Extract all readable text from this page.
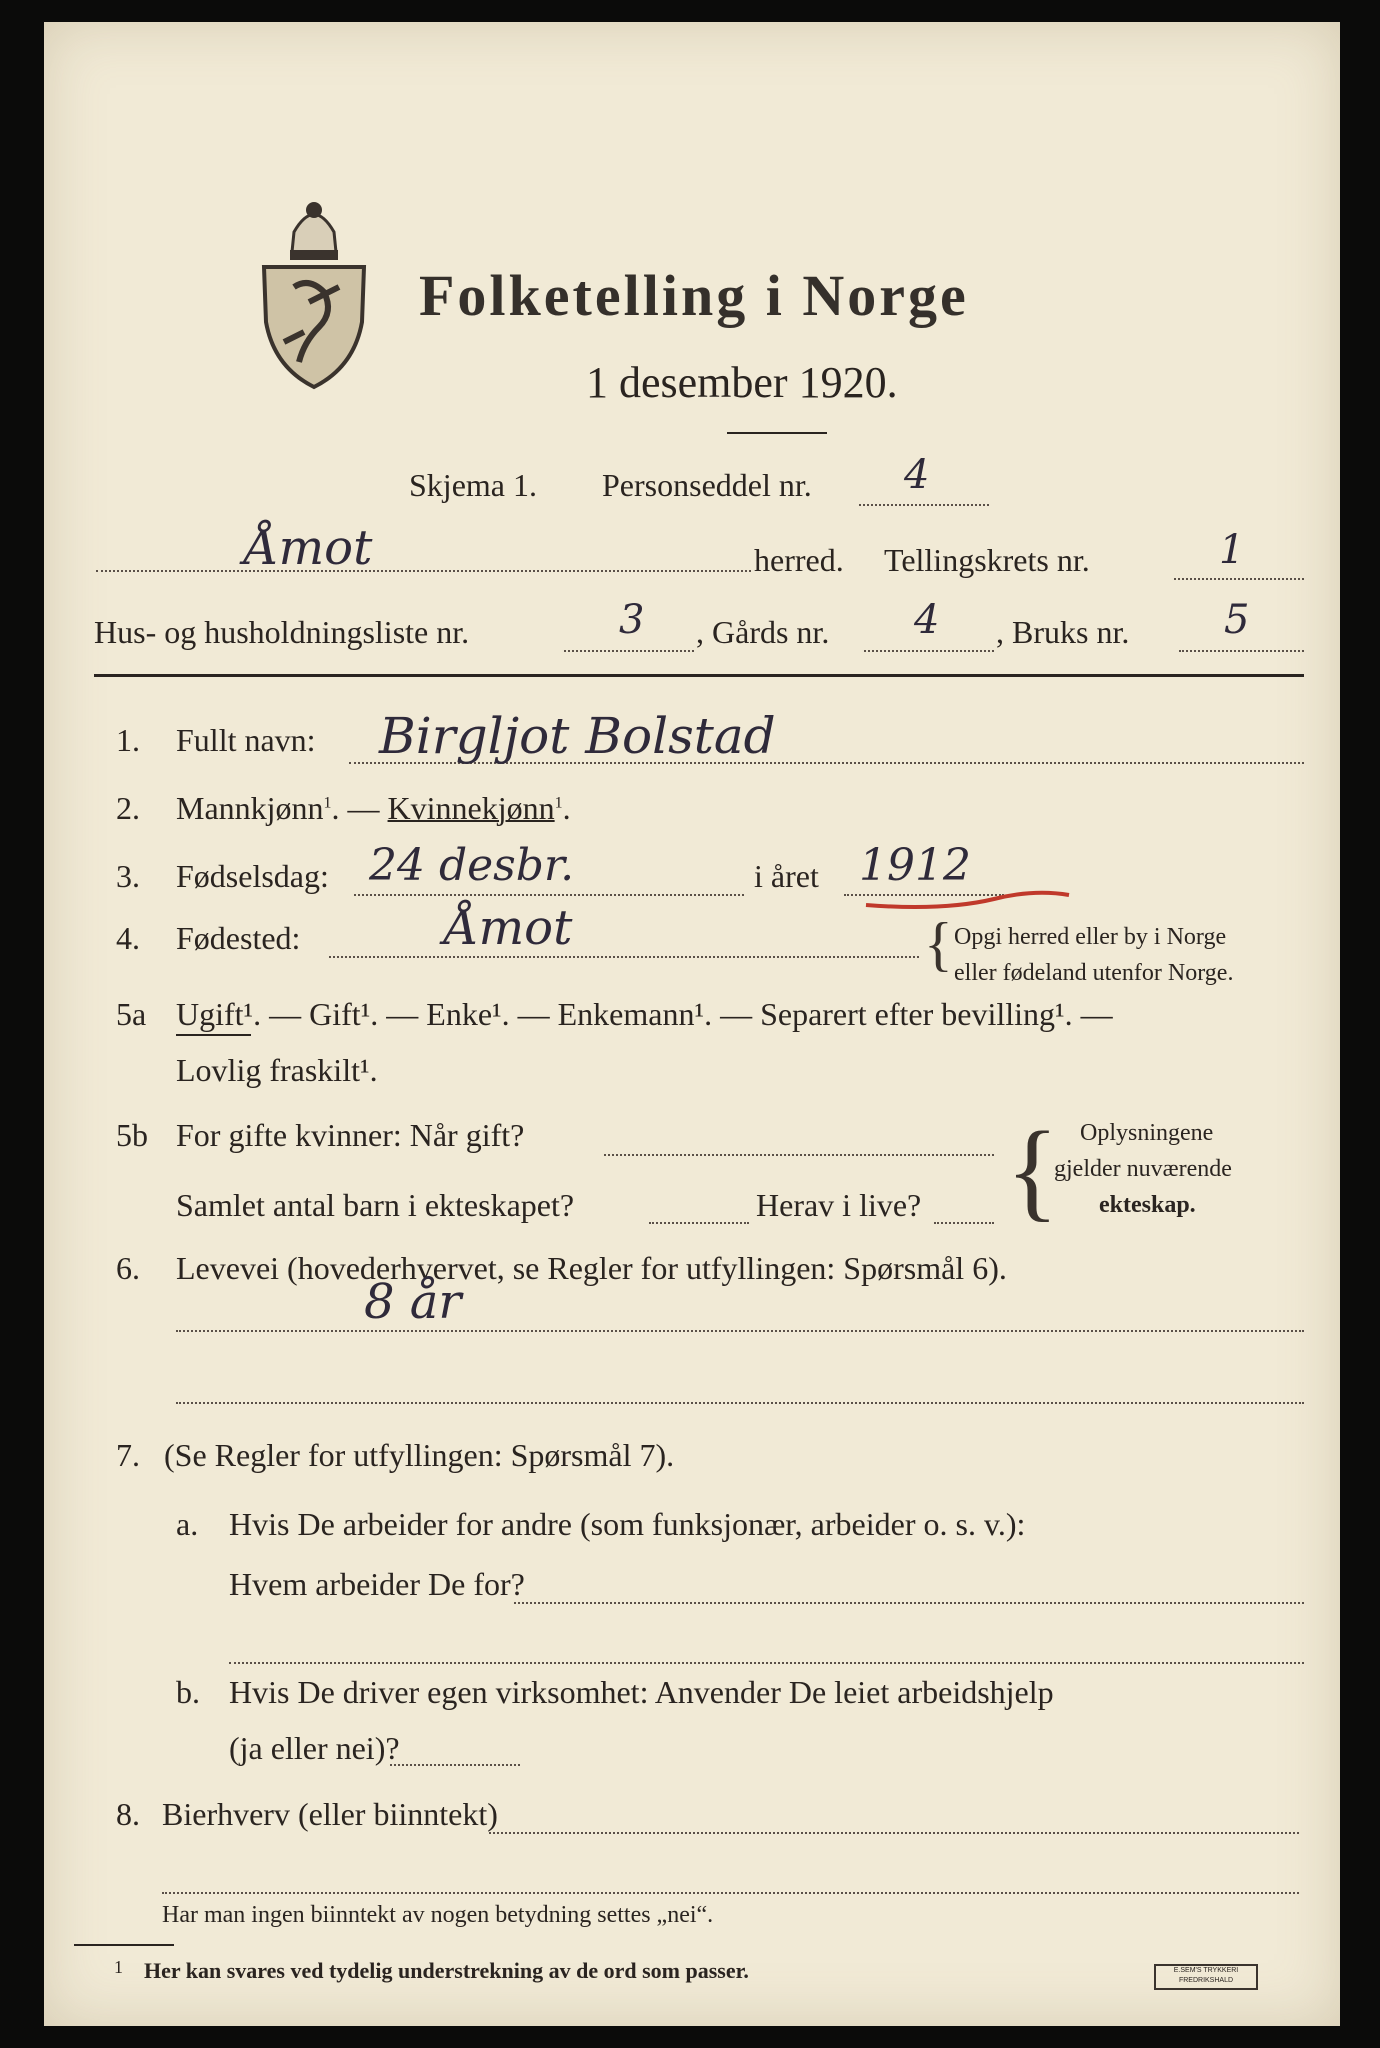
Folketelling i Norge
1 desember 1920.
Skjema 1. Personseddel nr. 4
Åmot	herred. Tellingskrets nr.	1
Hus- og husholdningsliste nr.	3 , Gårds nr. 4 , Bruks nr. 5
1. Fullt navn: Birgljot Bolstad
2. Mannkjønn$^1$. — Kvinnekjønn$^1$.
3. Fødselsdag: 24 desbr.	i året 1912
4. Fødested:	Åmot	{ Opgi herred eller by i Norge
eller fødeland utenfor Norge.
5a Ugift¹. — Gift¹. — Enke¹. — Enkemann¹. — Separert efter bevilling¹. —
Lovlig fraskilt¹.
5b For gifte kvinner: Når gift?
Samlet antal barn i ekteskapet?	Herav i live? { Oplysningene
gjelder nuværende
ekteskap.
6. Levevei (hovederhvervet, se Regler for utfyllingen: Spørsmål 6).
8 år
7. (Se Regler for utfyllingen: Spørsmål 7).
a. Hvis De arbeider for andre (som funksjonær, arbeider o. s. v.):
Hvem arbeider De for?
b. Hvis De driver egen virksomhet: Anvender De leiet arbeidshjelp
(ja eller nei)?
8. Bierhverv (eller biinntekt)
Har man ingen biinntekt av nogen betydning settes „nei“.
1 Her kan svares ved tydelig understrekning av de ord som passer.	E.SEM'S TRYKKERI FREDRIKSHALD
